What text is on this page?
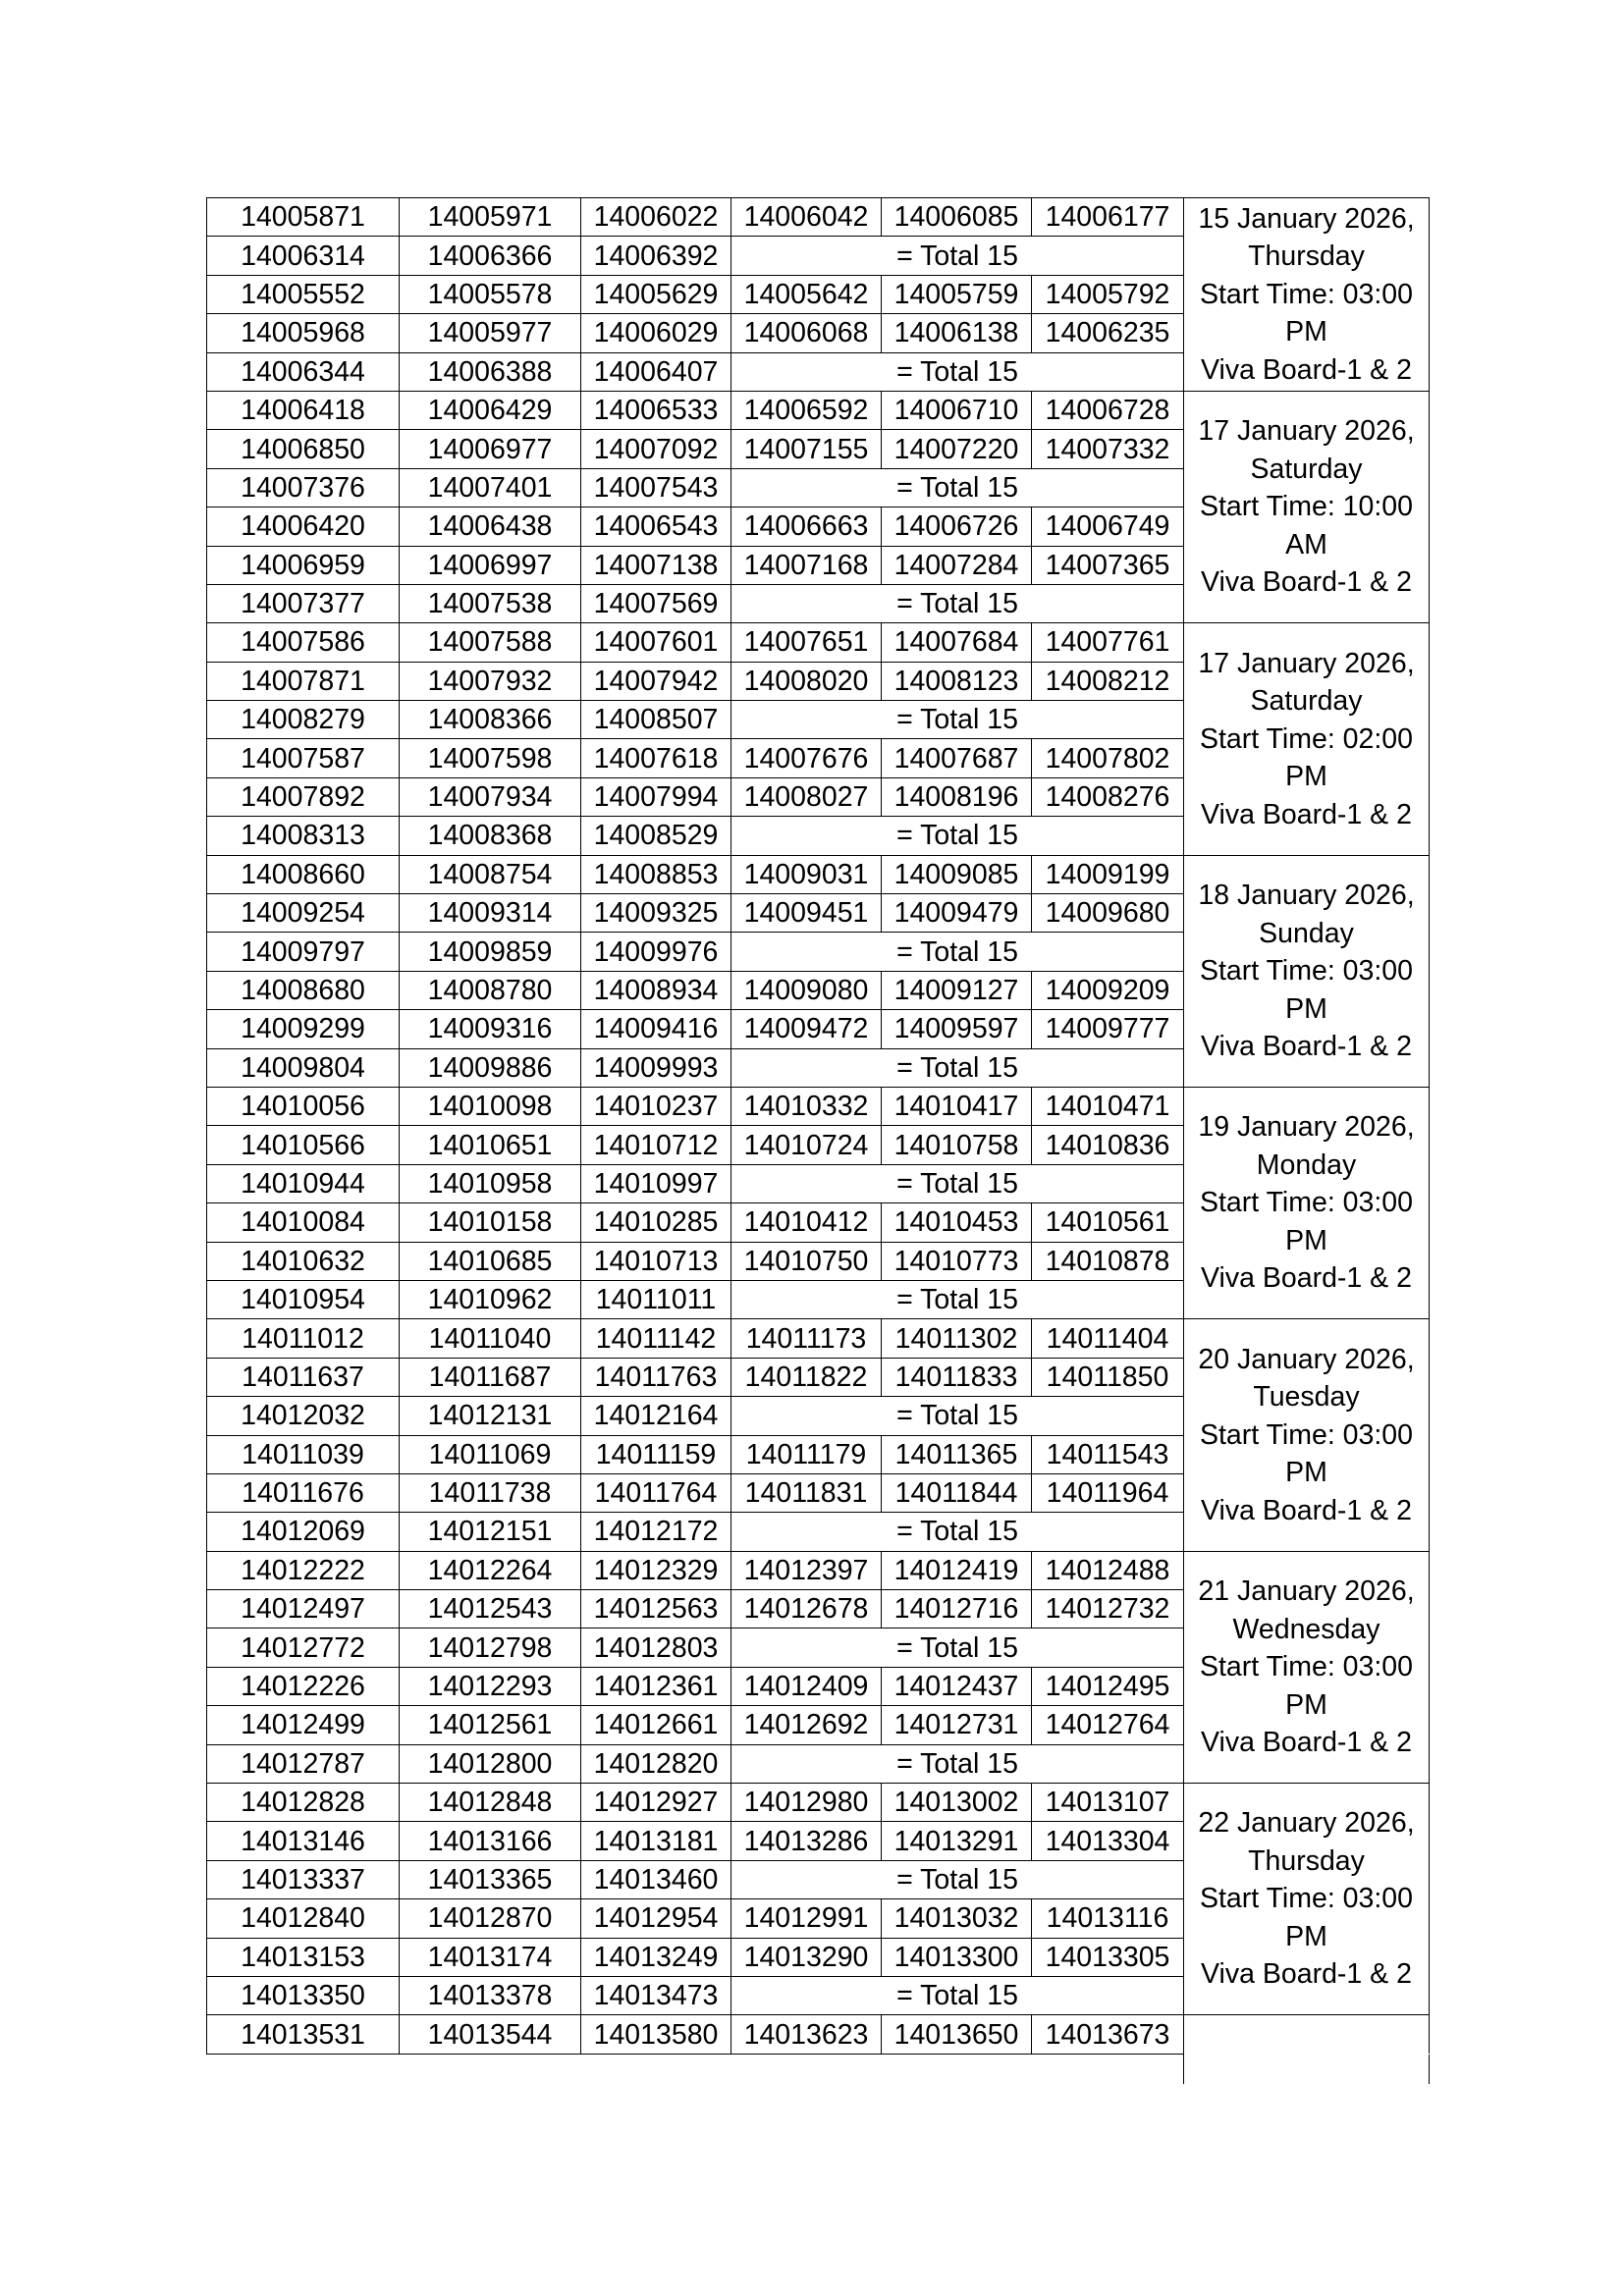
14005871	14005971	14006022	14006042	14006085	14006177	15 January 2026,
Thursday
Start Time: 03:00
PM
Viva Board-1 & 2

14006314	14006366	14006392	= Total 15			
14005552	14005578	14005629	14005642	14005759	14005792	
14005968	14005977	14006029	14006068	14006138	14006235	
14006344	14006388	14006407	= Total 15			
14006418	14006429	14006533	14006592	14006710	14006728	17 January 2026,
Saturday
Start Time: 10:00
AM
Viva Board-1 & 2

14006850	14006977	14007092	14007155	14007220	14007332	
14007376	14007401	14007543	= Total 15			
14006420	14006438	14006543	14006663	14006726	14006749	
14006959	14006997	14007138	14007168	14007284	14007365	
14007377	14007538	14007569	= Total 15			
14007586	14007588	14007601	14007651	14007684	14007761	17 January 2026,
Saturday
Start Time: 02:00
PM
Viva Board-1 & 2

14007871	14007932	14007942	14008020	14008123	14008212	
14008279	14008366	14008507	= Total 15			
14007587	14007598	14007618	14007676	14007687	14007802	
14007892	14007934	14007994	14008027	14008196	14008276	
14008313	14008368	14008529	= Total 15			
14008660	14008754	14008853	14009031	14009085	14009199	18 January 2026,
Sunday
Start Time: 03:00
PM
Viva Board-1 & 2

14009254	14009314	14009325	14009451	14009479	14009680	
14009797	14009859	14009976	= Total 15			
14008680	14008780	14008934	14009080	14009127	14009209	
14009299	14009316	14009416	14009472	14009597	14009777	
14009804	14009886	14009993	= Total 15			
14010056	14010098	14010237	14010332	14010417	14010471	19 January 2026,
Monday
Start Time: 03:00
PM
Viva Board-1 & 2

14010566	14010651	14010712	14010724	14010758	14010836	
14010944	14010958	14010997	= Total 15			
14010084	14010158	14010285	14010412	14010453	14010561	
14010632	14010685	14010713	14010750	14010773	14010878	
14010954	14010962	14011011	= Total 15			
14011012	14011040	14011142	14011173	14011302	14011404	20 January 2026,
Tuesday
Start Time: 03:00
PM
Viva Board-1 & 2

14011637	14011687	14011763	14011822	14011833	14011850	
14012032	14012131	14012164	= Total 15			
14011039	14011069	14011159	14011179	14011365	14011543	
14011676	14011738	14011764	14011831	14011844	14011964	
14012069	14012151	14012172	= Total 15			
14012222	14012264	14012329	14012397	14012419	14012488	21 January 2026,
Wednesday
Start Time: 03:00
PM
Viva Board-1 & 2

14012497	14012543	14012563	14012678	14012716	14012732	
14012772	14012798	14012803	= Total 15			
14012226	14012293	14012361	14012409	14012437	14012495	
14012499	14012561	14012661	14012692	14012731	14012764	
14012787	14012800	14012820	= Total 15			
14012828	14012848	14012927	14012980	14013002	14013107	22 January 2026,
Thursday
Start Time: 03:00
PM
Viva Board-1 & 2

14013146	14013166	14013181	14013286	14013291	14013304	
14013337	14013365	14013460	= Total 15			
14012840	14012870	14012954	14012991	14013032	14013116	
14013153	14013174	14013249	14013290	14013300	14013305	
14013350	14013378	14013473	= Total 15			
14013531	14013544	14013580	14013623	14013650	14013673	
